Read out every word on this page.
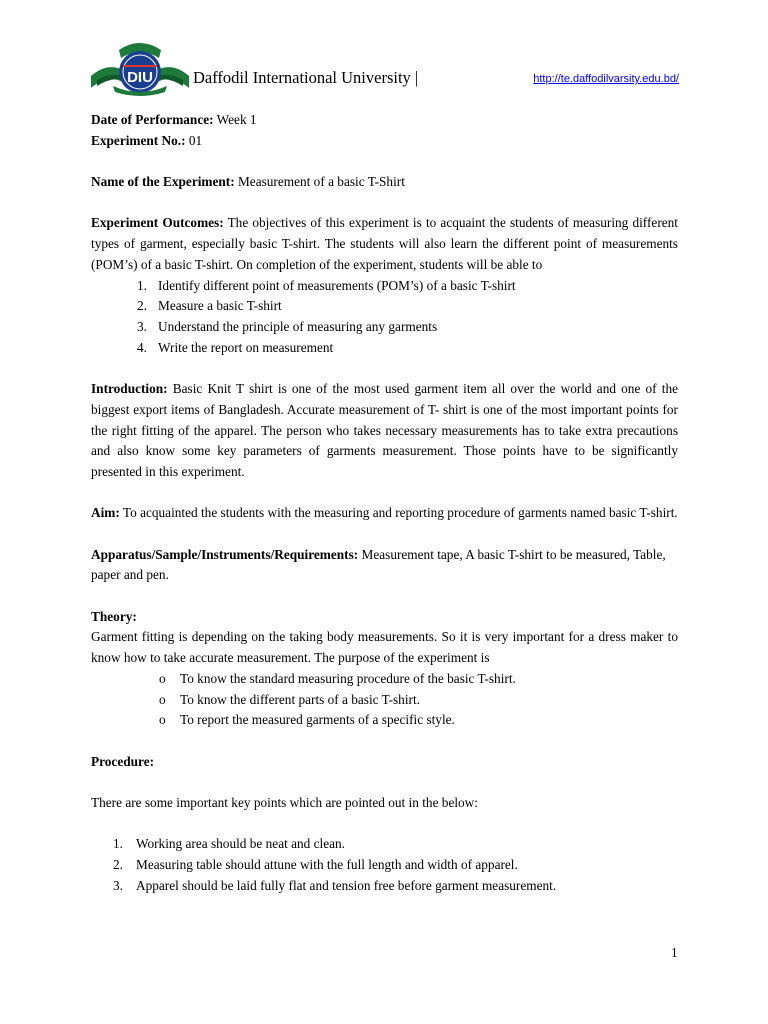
DIU Daffodil International University |	http://te.daffodilvarsity.edu.bd/

Date of Performance: Week 1

Experiment No.: 01

Name of the Experiment: Measurement of a basic T-Shirt

Experiment Outcomes: The objectives of this experiment is to acquaint the students of measuring different types of garment, especially basic T-shirt. The students will also learn the different point of measurements (POM’s) of a basic T-shirt. On completion of the experiment, students will be able to

1. Identify different point of measurements (POM’s) of a basic T-shirt
2. Measure a basic T-shirt
3. Understand the principle of measuring any garments
4. Write the report on measurement

Introduction: Basic Knit T shirt is one of the most used garment item all over the world and one of the biggest export items of Bangladesh. Accurate measurement of T- shirt is one of the most important points for the right fitting of the apparel. The person who takes necessary measurements has to take extra precautions and also know some key parameters of garments measurement. Those points have to be significantly presented in this experiment.

Aim: To acquainted the students with the measuring and reporting procedure of garments named basic T-shirt.

Apparatus/Sample/Instruments/Requirements: Measurement tape, A basic T-shirt to be measured, Table, paper and pen.

Theory:

Garment fitting is depending on the taking body measurements. So it is very important for a dress maker to know how to take accurate measurement. The purpose of the experiment is

o To know the standard measuring procedure of the basic T-shirt.
o To know the different parts of a basic T-shirt.
o To report the measured garments of a specific style.

Procedure:

There are some important key points which are pointed out in the below:

1. Working area should be neat and clean.
2. Measuring table should attune with the full length and width of apparel.
3. Apparel should be laid fully flat and tension free before garment measurement.
1
